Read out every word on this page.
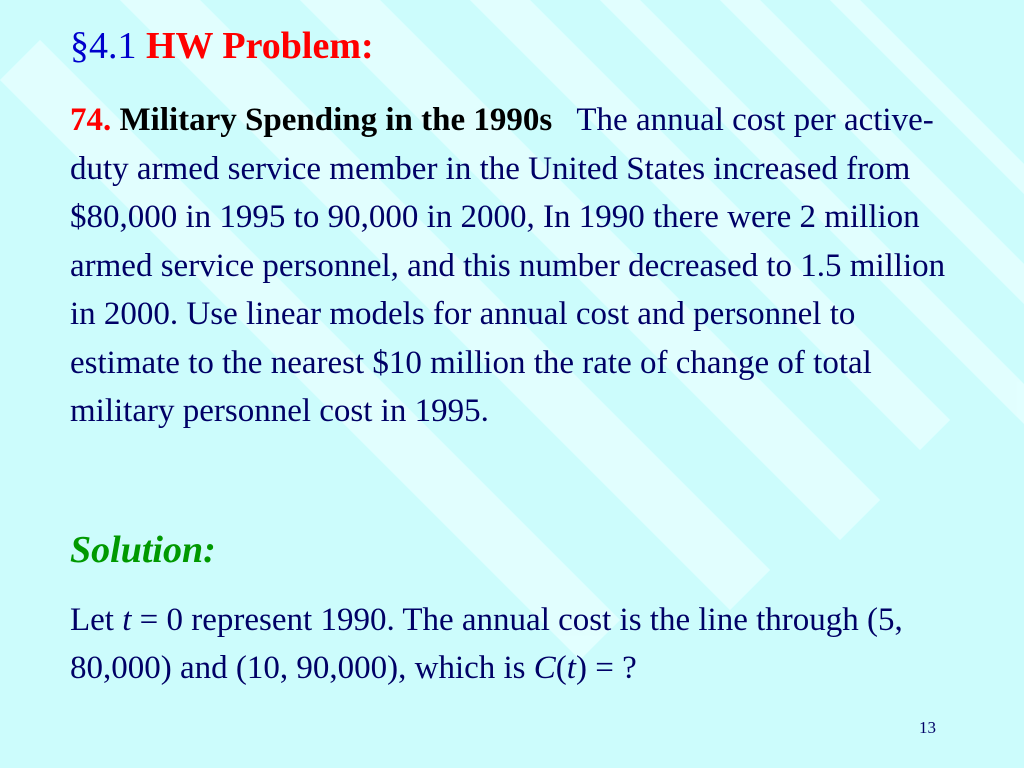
§4.1 HW Problem:

74. Military Spending in the 1990s The annual cost per active-duty armed service member in the United States increased from $80,000 in 1995 to 90,000 in 2000, In 1990 there were 2 million armed service personnel, and this number decreased to 1.5 million in 2000. Use linear models for annual cost and personnel to estimate to the nearest $10 million the rate of change of total military personnel cost in 1995.

Solution:

Let t = 0 represent 1990. The annual cost is the line through (5, 80,000) and (10, 90,000), which is C(t) = ?

13
